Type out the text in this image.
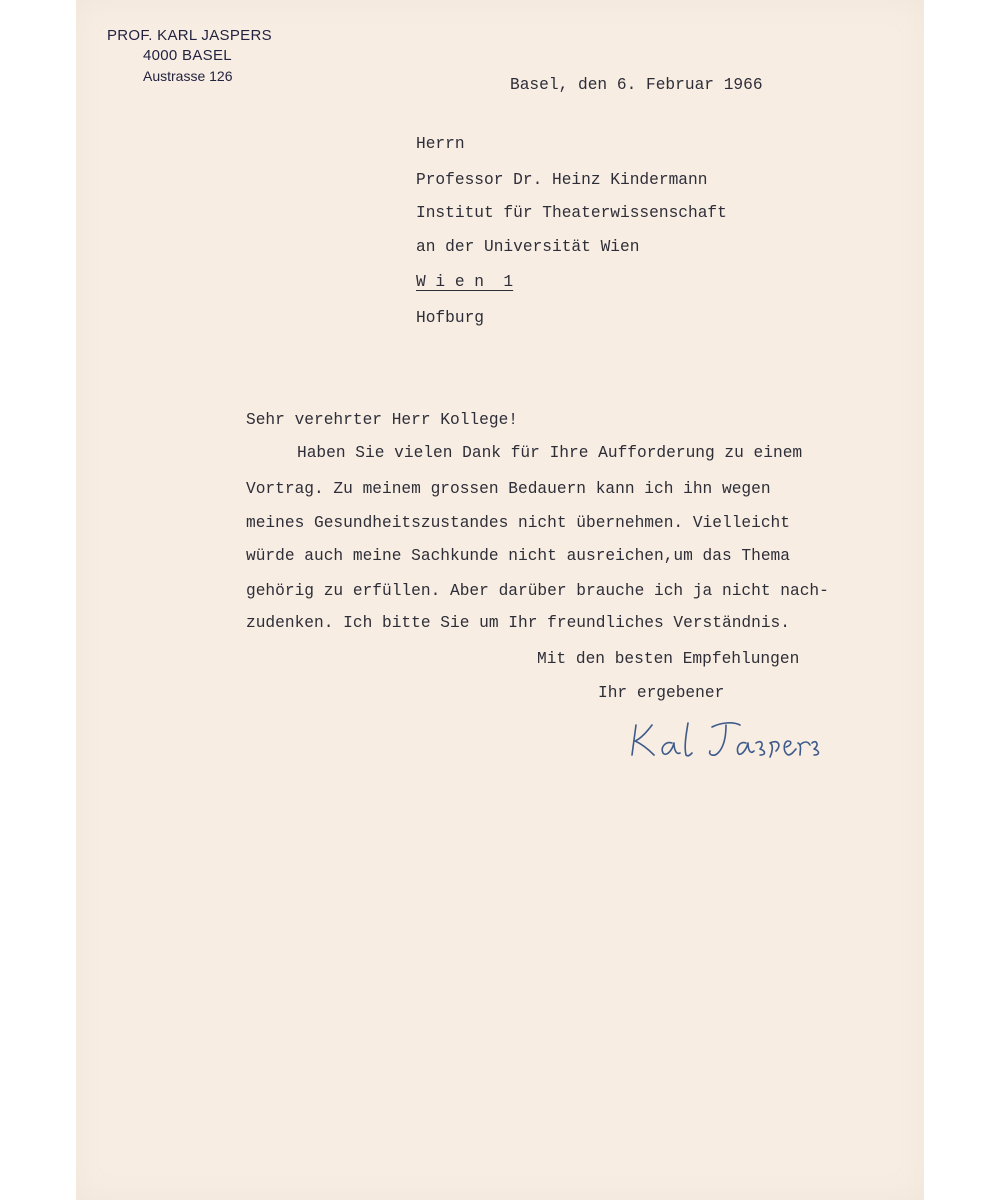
PROF. KARL JASPERS
4000 BASEL
Austrasse 126	Basel, den 6. Februar 1966
Herrn
Professor Dr. Heinz Kindermann
Institut für Theaterwissenschaft
an der Universität Wien
W i e n  1
Hofburg
Sehr verehrter Herr Kollege!
Haben Sie vielen Dank für Ihre Aufforderung zu einem
Vortrag. Zu meinem grossen Bedauern kann ich ihn wegen
meines Gesundheitszustandes nicht übernehmen. Vielleicht
würde auch meine Sachkunde nicht ausreichen,um das Thema
gehörig zu erfüllen. Aber darüber brauche ich ja nicht nach-
zudenken. Ich bitte Sie um Ihr freundliches Verständnis.
Mit den besten Empfehlungen
Ihr ergebener
